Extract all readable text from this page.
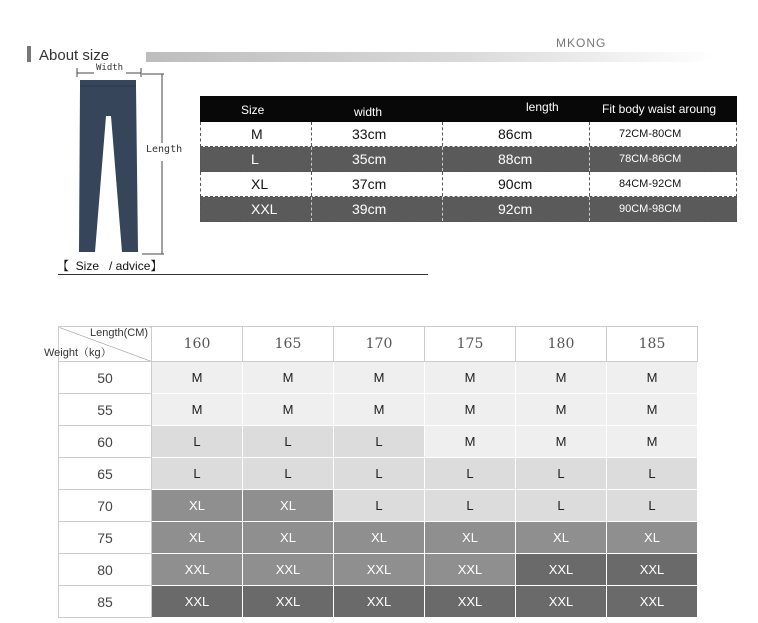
About size
MKONG
Width
Length
【  Size   / advice】
Size	width	length	Fit body waist aroung
M	33cm	86cm	72CM-80CM
L	35cm	88cm	78CM-86CM
XL	37cm	90cm	84CM-92CM
XXL	39cm	92cm	90CM-98CM
Length(CM)
Weight（kg）	160	165	170	175	180	185
50	M	M	M	M	M	M
55	M	M	M	M	M	M
60	L	L	L	M	M	M
65	L	L	L	L	L	L
70	XL	XL	L	L	L	L
75	XL	XL	XL	XL	XL	XL
80	XXL	XXL	XXL	XXL	XXL	XXL
85	XXL	XXL	XXL	XXL	XXL	XXL
